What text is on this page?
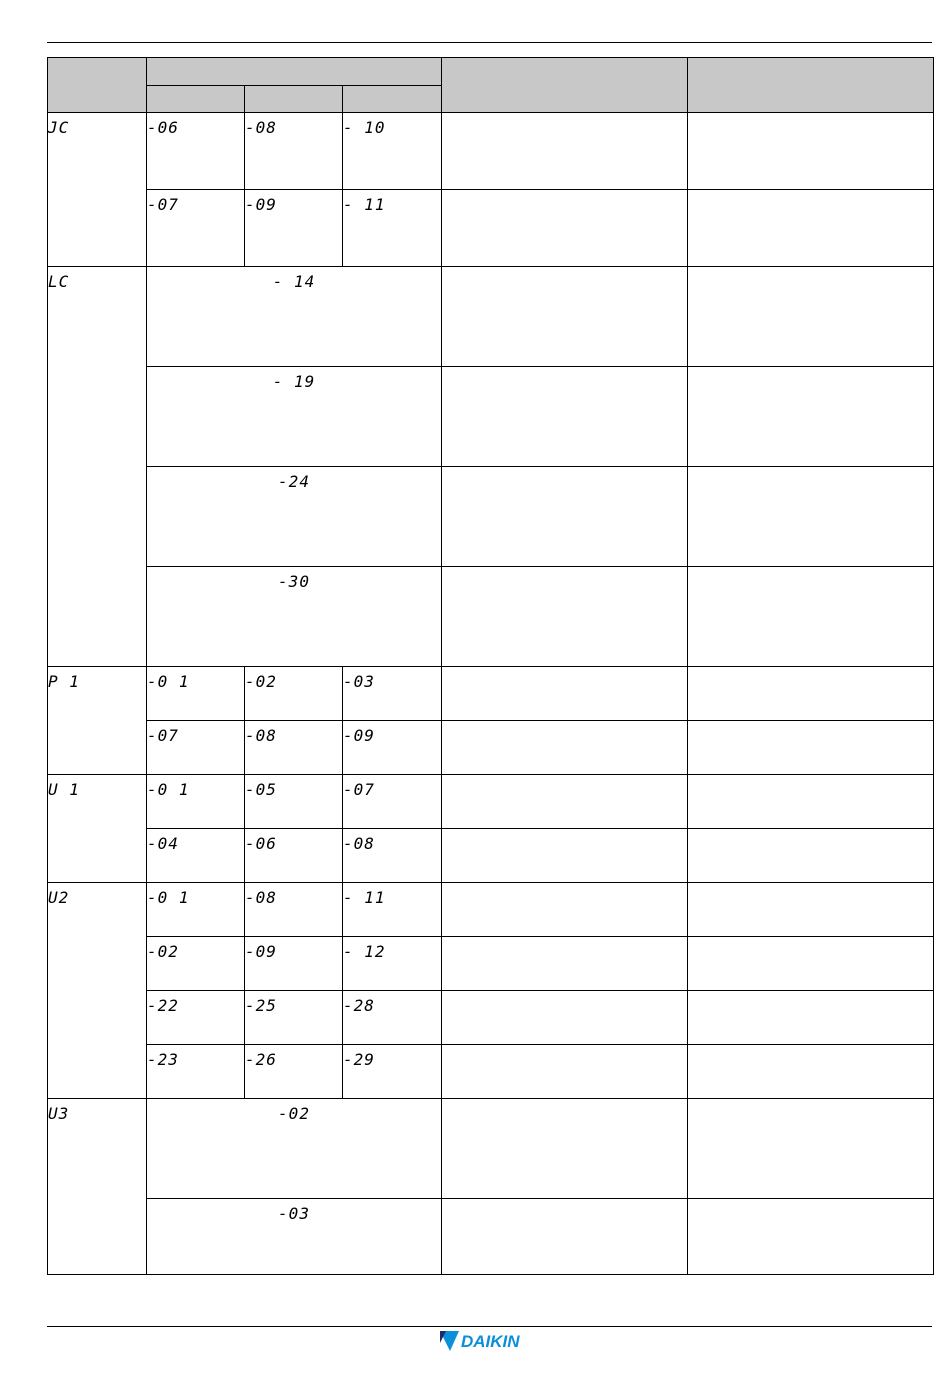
JC	-06	-08	- 10		

	-07	-09	- 11		

LC	- 14				

	- 19				

	-24				

	-30				

P 1	-0 1	-02	-03		

	-07	-08	-09		

U 1	-0 1	-05	-07		

	-04	-06	-08		

U2	-0 1	-08	- 11		

	-02	-09	- 12		

	-22	-25	-28		

	-23	-26	-29		

U3	-02				

	-03				

DAIKIN
